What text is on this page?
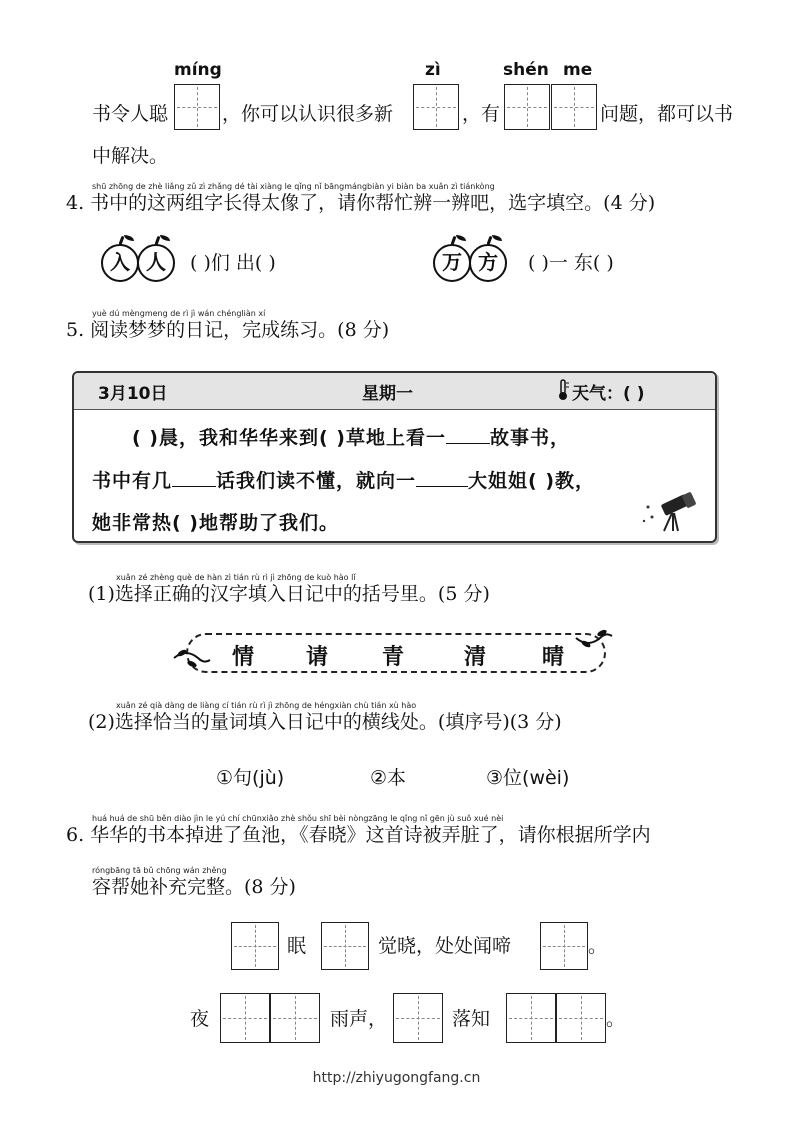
míng	zì	shén me
书令人聪	，你可以认识很多新	，有	问题，都可以书
中解决。
shū zhōng de zhè liǎng zǔ zì zhǎng dé tài xiàng le qǐng nǐ bāngmángbiàn yi biàn ba xuǎn zì tiánkòng
4. 书中的这两组字长得太像了，请你帮忙辨一辨吧，选字填空。(4 分)
入 人	( )们 出( )	万 方	( )一 东( )
yuè dú mèngmeng de rì jì wán chéngliàn xí
5. 阅读梦梦的日记，完成练习。(8 分)
3月10日	星期一	天气：( )
( )晨，我和华华来到( )草地上看一 故事书，
书中有几 话我们读不懂，就向一	大姐姐( )教，
她非常热( )地帮助了我们。
xuǎn zé zhèng què de hàn zì tián rù rì jì zhōng de kuò hào lǐ
(1)选择正确的汉字填入日记中的括号里。(5 分)
情 请 青	清	晴
xuǎn zé qià dàng de liàng cí tián rù rì jì zhōng de héngxiàn chù tián xù hào
(2)选择恰当的量词填入日记中的横线处。(填序号)(3 分)
①句(jù)	②本	③位(wèi)
huá huá de shū běn diào jìn le yú chí chūnxiǎo zhè shǒu shī bèi nòngzāng le qǐng nǐ gēn jù suǒ xué nèi
6. 华华的书本掉进了鱼池，《春晓》这首诗被弄脏了，请你根据所学内
róngbāng tā bǔ chōng wán zhěng
容帮她补充完整。(8 分)
眠	觉晓，处处闻啼	。
夜	雨声，	落知	。
http://zhiyugongfang.cn
